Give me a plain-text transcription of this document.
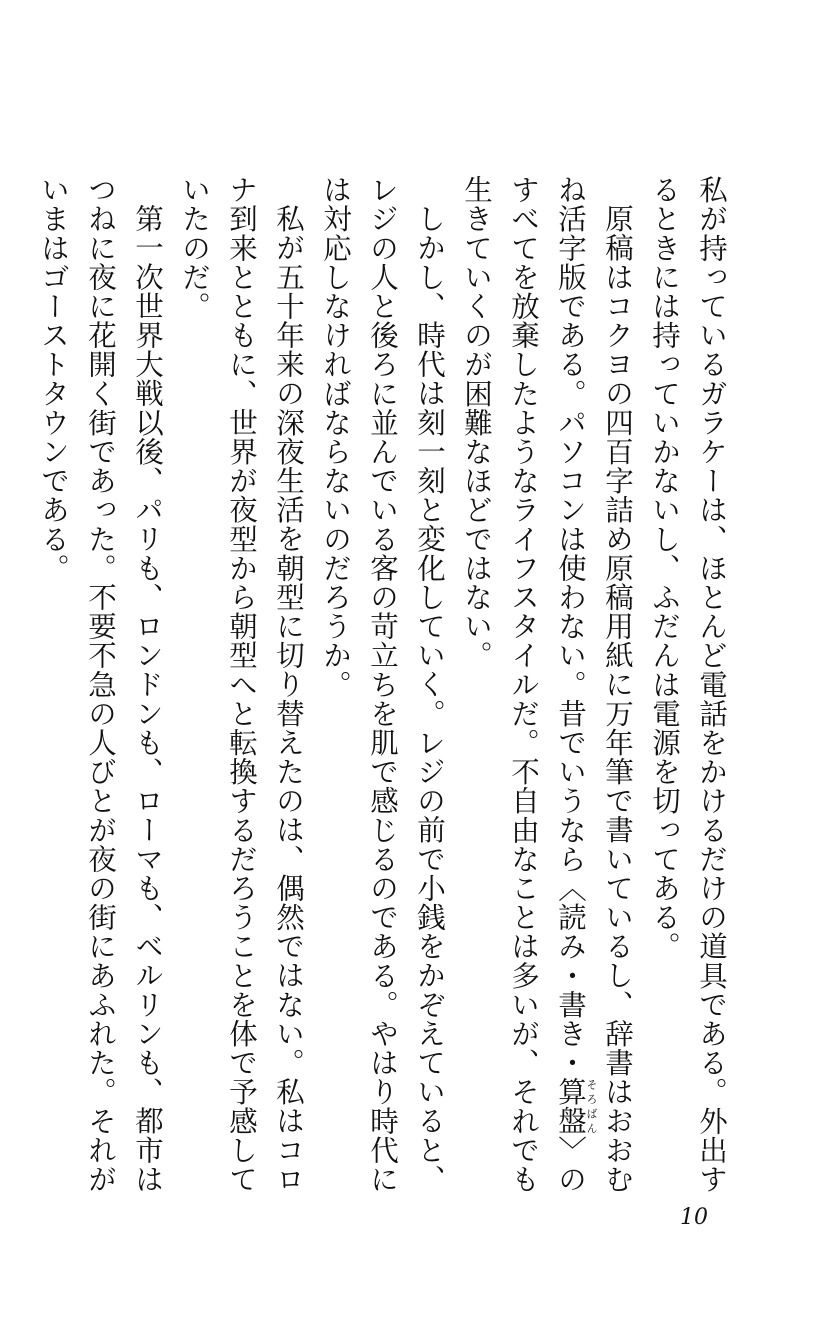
私が持っているガラケーは、ほとんど電話をかけるだけの道具である。外出するときには持っていかないし、ふだんは電源を切ってある。

原稿はコクヨの四百字詰め原稿用紙に万年筆で書いているし、辞書はおおむね活字版である。パソコンは使わない。昔でいうなら〈読み・書き・算盤そろばん〉のすべてを放棄したようなライフスタイルだ。不自由なことは多いが、それでも生きていくのが困難なほどではない。

しかし、時代は刻一刻と変化していく。レジの前で小銭をかぞえていると、レジの人と後ろに並んでいる客の苛立ちを肌で感じるのである。やはり時代には対応しなければならないのだろうか。

私が五十年来の深夜生活を朝型に切り替えたのは、偶然ではない。私はコロナ到来とともに、世界が夜型から朝型へと転換するだろうことを体で予感していたのだ。

第一次世界大戦以後、パリも、ロンドンも、ローマも、ベルリンも、都市はつねに夜に花開く街であった。不要不急の人びとが夜の街にあふれた。それがいまはゴーストタウンである。

10
